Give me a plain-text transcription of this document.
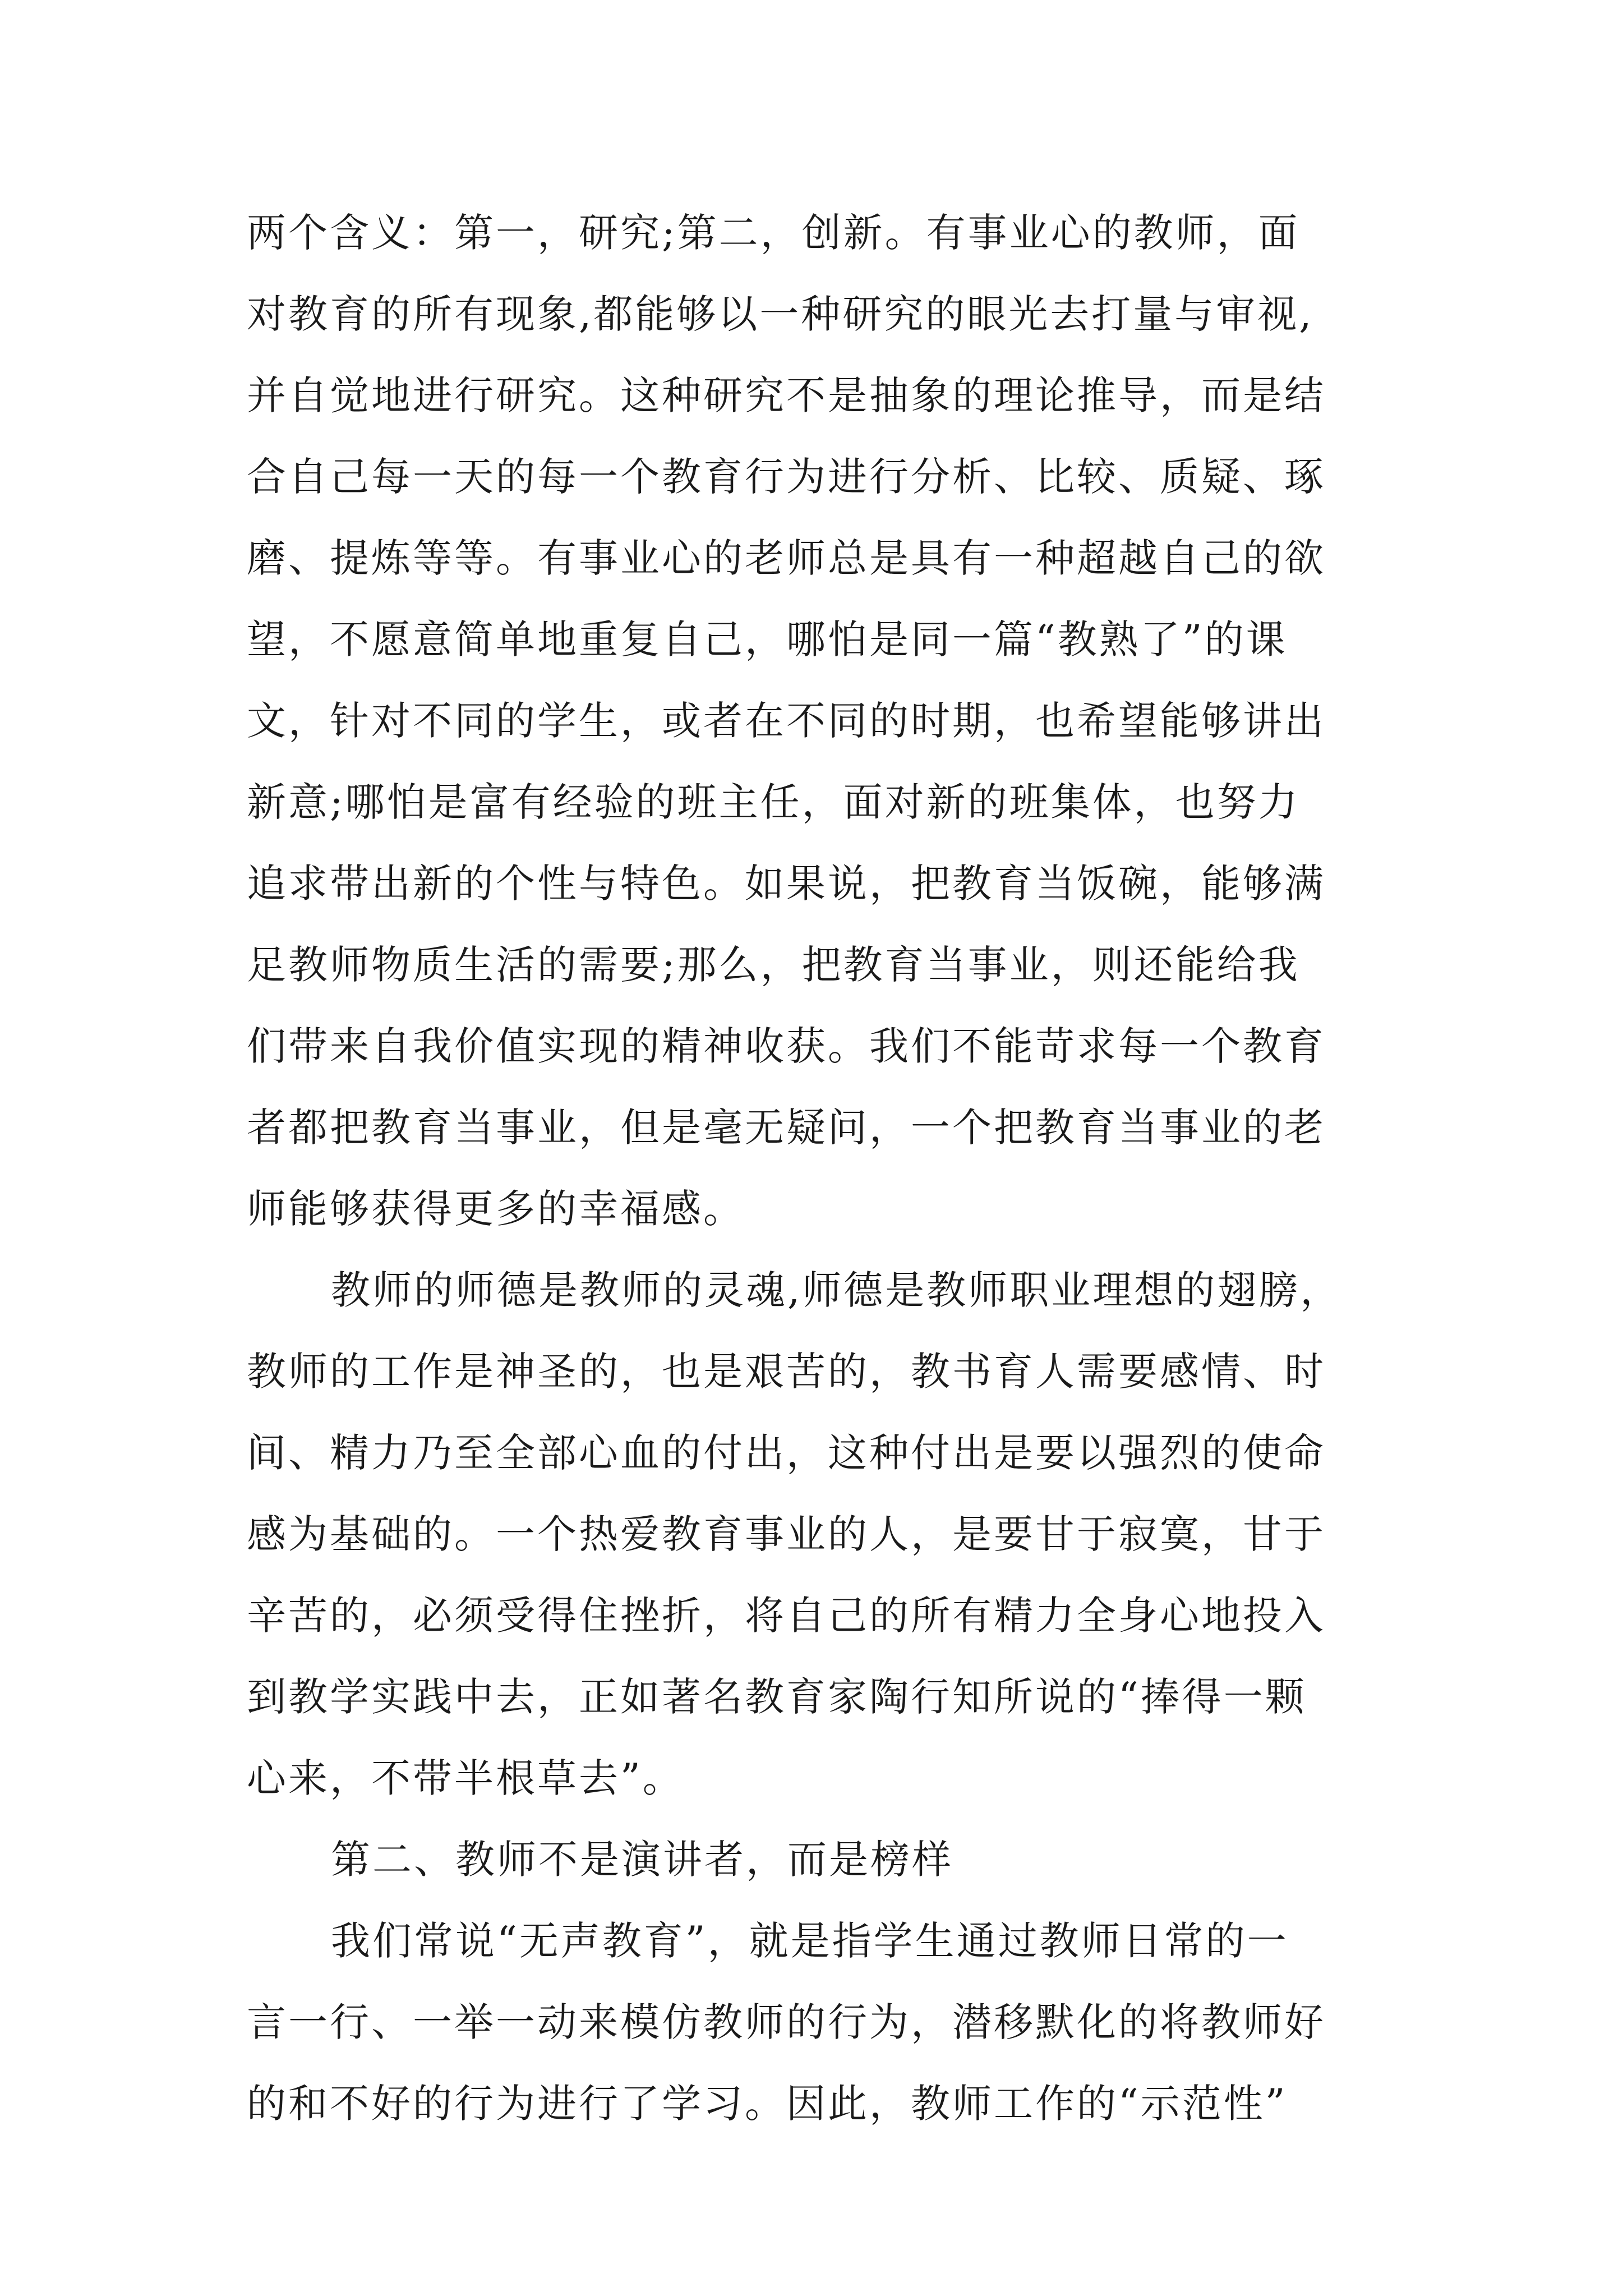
两个含义：第一，研究;第二，创新。有事业心的教师，面
对教育的所有现象,都能够以一种研究的眼光去打量与审视,
并自觉地进行研究。这种研究不是抽象的理论推导，而是结
合自己每一天的每一个教育行为进行分析、比较、质疑、琢
磨、提炼等等。有事业心的老师总是具有一种超越自己的欲
望，不愿意简单地重复自己，哪怕是同一篇“教熟了”的课
文，针对不同的学生，或者在不同的时期，也希望能够讲出
新意;哪怕是富有经验的班主任，面对新的班集体，也努力
追求带出新的个性与特色。如果说，把教育当饭碗，能够满
足教师物质生活的需要;那么，把教育当事业，则还能给我
们带来自我价值实现的精神收获。我们不能苛求每一个教育
者都把教育当事业，但是毫无疑问，一个把教育当事业的老
师能够获得更多的幸福感。
教师的师德是教师的灵魂,师德是教师职业理想的翅膀，
教师的工作是神圣的，也是艰苦的，教书育人需要感情、时
间、精力乃至全部心血的付出，这种付出是要以强烈的使命
感为基础的。一个热爱教育事业的人，是要甘于寂寞，甘于
辛苦的，必须受得住挫折，将自己的所有精力全身心地投入
到教学实践中去，正如著名教育家陶行知所说的“捧得一颗
心来，不带半根草去”。
第二、教师不是演讲者，而是榜样
我们常说“无声教育”，就是指学生通过教师日常的一
言一行、一举一动来模仿教师的行为，潜移默化的将教师好
的和不好的行为进行了学习。因此，教师工作的“示范性”
